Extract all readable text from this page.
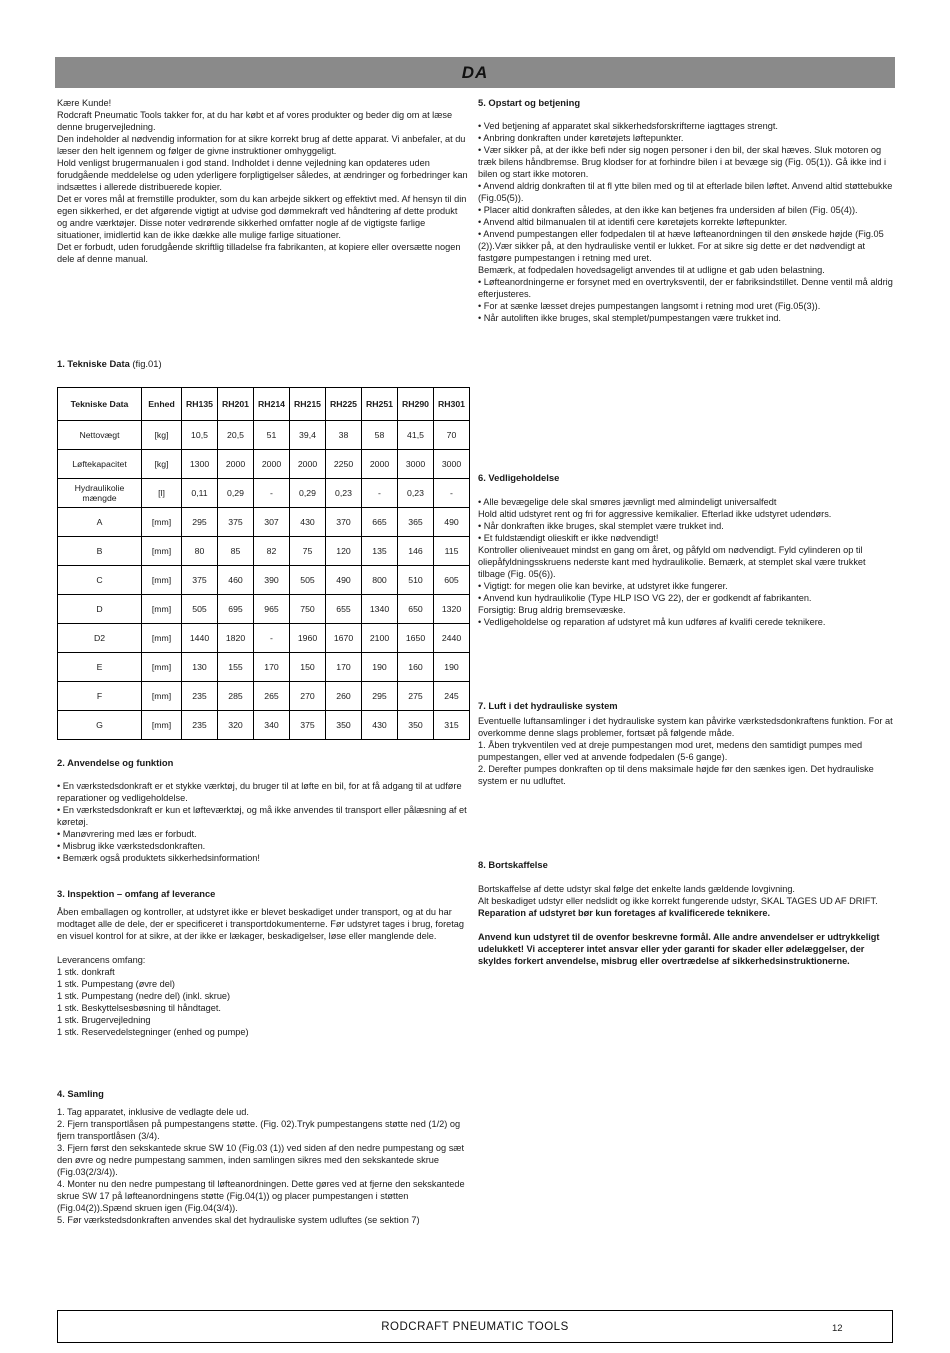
DA
Kære Kunde!
Rodcraft Pneumatic Tools takker for, at du har købt et af vores produkter og beder dig om at læse denne brugervejledning.
Den indeholder al nødvendig information for at sikre korrekt brug af dette apparat. Vi anbefaler, at du læser den helt igennem og følger de givne instruktioner omhyggeligt.
Hold venligst brugermanualen i god stand. Indholdet i denne vejledning kan opdateres uden forudgående meddelelse og uden yderligere forpligtigelser således, at ændringer og forbedringer kan indsættes i allerede distribuerede kopier.
Det er vores mål at fremstille produkter, som du kan arbejde sikkert og effektivt med. Af hensyn til din egen sikkerhed, er det afgørende vigtigt at udvise god dømmekraft ved håndtering af dette produkt og andre værktøjer. Disse noter vedrørende sikkerhed omfatter nogle af de vigtigste farlige situationer, imidlertid kan de ikke dække alle mulige farlige situationer.
Det er forbudt, uden forudgående skriftlig tilladelse fra fabrikanten, at kopiere eller oversætte nogen dele af denne manual.
1. Tekniske Data (fig.01)
Tekniske Data	Enhed	RH135	RH201	RH214	RH215	RH225	RH251	RH290	RH301
Nettovægt	[kg]	10,5	20,5	51	39,4	38	58	41,5	70
Løftekapacitet	[kg]	1300	2000	2000	2000	2250	2000	3000	3000
Hydraulikolie mængde	[l]	0,11	0,29	-	0,29	0,23	-	0,23	-
A	[mm]	295	375	307	430	370	665	365	490
B	[mm]	80	85	82	75	120	135	146	115
C	[mm]	375	460	390	505	490	800	510	605
D	[mm]	505	695	965	750	655	1340	650	1320
D2	[mm]	1440	1820	-	1960	1670	2100	1650	2440
E	[mm]	130	155	170	150	170	190	160	190
F	[mm]	235	285	265	270	260	295	275	245
G	[mm]	235	320	340	375	350	430	350	315
2. Anvendelse og funktion
• En værkstedsdonkraft er et stykke værktøj, du bruger til at løfte en bil, for at få adgang til at udføre reparationer og vedligeholdelse.
• En værkstedsdonkraft er kun et løfteværktøj, og må ikke anvendes til transport eller pålæsning af et køretøj.
• Manøvrering med læs er forbudt.
• Misbrug ikke værkstedsdonkraften.
• Bemærk også produktets sikkerhedsinformation!
3. Inspektion – omfang af leverance
Åben emballagen og kontroller, at udstyret ikke er blevet beskadiget under transport, og at du har modtaget alle de dele, der er specificeret i transportdokumenterne. Før udstyret tages i brug, foretag en visuel kontrol for at sikre, at der ikke er lækager, beskadigelser, løse eller manglende dele.
Leverancens omfang:
1 stk. donkraft
1 stk. Pumpestang (øvre del)
1 stk. Pumpestang (nedre del) (inkl. skrue)
1 stk. Beskyttelsesbøsning til håndtaget.
1 stk. Brugervejledning
1 stk. Reservedelstegninger (enhed og pumpe)
4. Samling
1. Tag apparatet, inklusive de vedlagte dele ud.
2. Fjern transportlåsen på pumpestangens støtte. (Fig. 02).Tryk pumpestangens støtte ned (1/2) og fjern transportlåsen (3/4).
3. Fjern først den sekskantede skrue SW 10 (Fig.03 (1)) ved siden af den nedre pumpestang og sæt den øvre og nedre pumpestang sammen, inden samlingen sikres med den sekskantede skrue (Fig.03(2/3/4)).
4. Monter nu den nedre pumpestang til løfteanordningen. Dette gøres ved at fjerne den sekskantede skrue SW 17 på løfteanordningens støtte (Fig.04(1)) og placer pumpestangen i støtten (Fig.04(2)).Spænd skruen igen (Fig.04(3/4)).
5. Før værkstedsdonkraften anvendes skal det hydrauliske system udluftes (se sektion 7)
5. Opstart og betjening
• Ved betjening af apparatet skal sikkerhedsforskrifterne iagttages strengt.
• Anbring donkraften under køretøjets løftepunkter.
• Vær sikker på, at der ikke befi nder sig nogen personer i den bil, der skal hæves. Sluk motoren og træk bilens håndbremse. Brug klodser for at forhindre bilen i at bevæge sig (Fig. 05(1)). Gå ikke ind i bilen og start ikke motoren.
• Anvend aldrig donkraften til at fl ytte bilen med og til at efterlade bilen løftet. Anvend altid støttebukke (Fig.05(5)).
• Placer altid donkraften således, at den ikke kan betjenes fra undersiden af bilen (Fig. 05(4)).
• Anvend altid bilmanualen til at identifi cere køretøjets korrekte løftepunkter.
• Anvend pumpestangen eller fodpedalen til at hæve løfteanordningen til den ønskede højde (Fig.05 (2)).Vær sikker på, at den hydrauliske ventil er lukket. For at sikre sig dette er det nødvendigt at fastgøre pumpestangen i retning med uret.
Bemærk, at fodpedalen hovedsageligt anvendes til at udligne et gab uden belastning.
• Løfteanordningerne er forsynet med en overtryksventil, der er fabriksindstillet. Denne ventil må aldrig efterjusteres.
• For at sænke læsset drejes pumpestangen langsomt i retning mod uret (Fig.05(3)).
• Når autoliften ikke bruges, skal stemplet/pumpestangen være trukket ind.
6. Vedligeholdelse
• Alle bevægelige dele skal smøres jævnligt med almindeligt universalfedt
Hold altid udstyret rent og fri for aggressive kemikalier. Efterlad ikke udstyret udendørs.
• Når donkraften ikke bruges, skal stemplet være trukket ind.
• Et fuldstændigt olieskift er ikke nødvendigt!
Kontroller olieniveauet mindst en gang om året, og påfyld om nødvendigt. Fyld cylinderen op til oliepåfyldningsskruens nederste kant med hydraulikolie. Bemærk, at stemplet skal være trukket tilbage (Fig. 05(6)).
• Vigtigt: for megen olie kan bevirke, at udstyret ikke fungerer.
• Anvend kun hydraulikolie (Type HLP ISO VG 22), der er godkendt af fabrikanten.
Forsigtig: Brug aldrig bremsevæske.
• Vedligeholdelse og reparation af udstyret må kun udføres af kvalifi cerede teknikere.
7. Luft i det hydrauliske system
Eventuelle luftansamlinger i det hydrauliske system kan påvirke værkstedsdonkraftens funktion. For at overkomme denne slags problemer, fortsæt på følgende måde.
1. Åben trykventilen ved at dreje pumpestangen mod uret, medens den samtidigt pumpes med pumpestangen, eller ved at anvende fodpedalen (5-6 gange).
2. Derefter pumpes donkraften op til dens maksimale højde før den sænkes igen. Det hydrauliske system er nu udluftet.
8. Bortskaffelse
Bortskaffelse af dette udstyr skal følge det enkelte lands gældende lovgivning.
Alt beskadiget udstyr eller nedslidt og ikke korrekt fungerende udstyr, SKAL TAGES UD AF DRIFT.
Reparation af udstyret bør kun foretages af kvalificerede teknikere.
Anvend kun udstyret til de ovenfor beskrevne formål. Alle andre anvendelser er udtrykkeligt udelukket! Vi accepterer intet ansvar eller yder garanti for skader eller ødelæggelser, der skyldes forkert anvendelse, misbrug eller overtrædelse af sikkerhedsinstruktionerne.
RODCRAFT PNEUMATIC TOOLS	12
